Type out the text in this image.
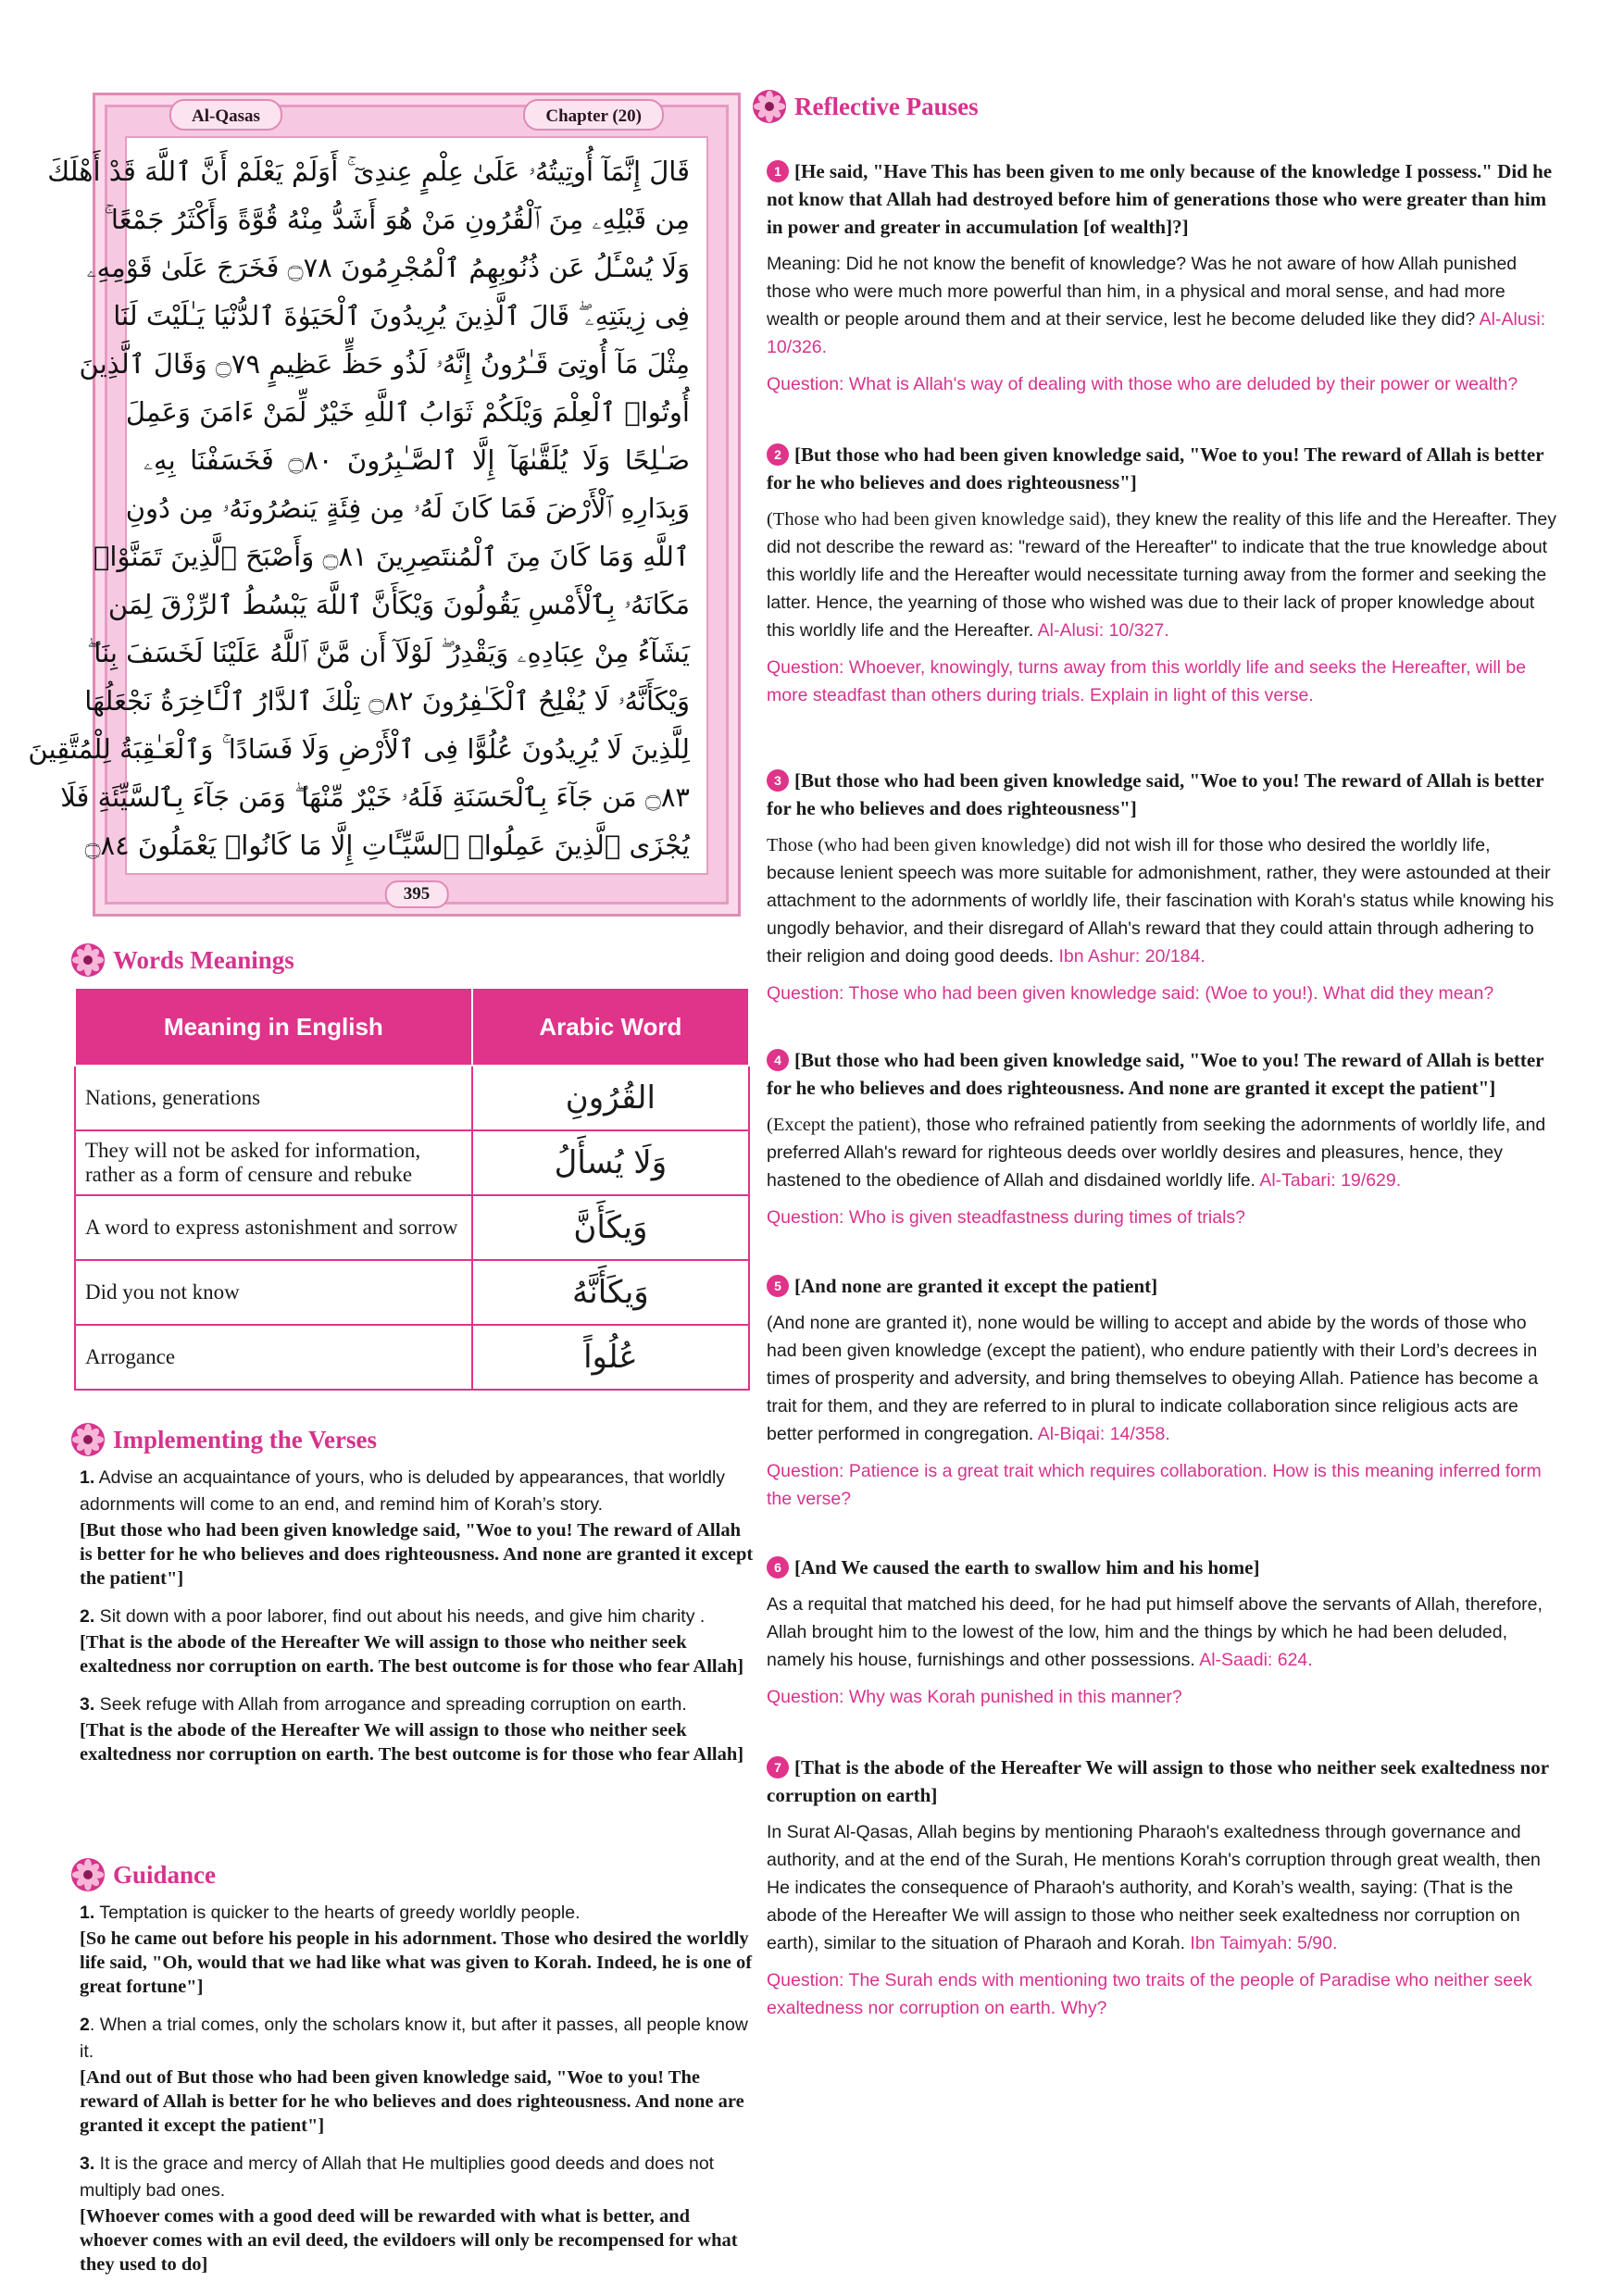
Al-Qasas	Chapter (20)
قَالَ إِنَّمَآ أُوتِيتُهُۥ عَلَىٰ عِلْمٍ عِندِىٓ ۚ أَوَلَمْ يَعْلَمْ أَنَّ ٱللَّهَ قَدْ أَهْلَكَ
مِن قَبْلِهِۦ مِنَ ٱلْقُرُونِ مَنْ هُوَ أَشَدُّ مِنْهُ قُوَّةً وَأَكْثَرُ جَمْعًا ۚ
وَلَا يُسْـَٔلُ عَن ذُنُوبِهِمُ ٱلْمُجْرِمُونَ ۝٧٨ فَخَرَجَ عَلَىٰ قَوْمِهِۦ
فِى زِينَتِهِۦ ۖ قَالَ ٱلَّذِينَ يُرِيدُونَ ٱلْحَيَوٰةَ ٱلدُّنْيَا يَـٰلَيْتَ لَنَا
مِثْلَ مَآ أُوتِىَ قَـٰرُونُ إِنَّهُۥ لَذُو حَظٍّ عَظِيمٍ ۝٧٩ وَقَالَ ٱلَّذِينَ
أُوتُوا۟ ٱلْعِلْمَ وَيْلَكُمْ ثَوَابُ ٱللَّهِ خَيْرٌ لِّمَنْ ءَامَنَ وَعَمِلَ
صَـٰلِحًا وَلَا يُلَقَّىٰهَآ إِلَّا ٱلصَّـٰبِرُونَ ۝٨٠ فَخَسَفْنَا بِهِۦ
وَبِدَارِهِ ٱلْأَرْضَ فَمَا كَانَ لَهُۥ مِن فِئَةٍ يَنصُرُونَهُۥ مِن دُونِ
ٱللَّهِ وَمَا كَانَ مِنَ ٱلْمُنتَصِرِينَ ۝٨١ وَأَصْبَحَ ٱلَّذِينَ تَمَنَّوْا۟
مَكَانَهُۥ بِٱلْأَمْسِ يَقُولُونَ وَيْكَأَنَّ ٱللَّهَ يَبْسُطُ ٱلرِّزْقَ لِمَن
يَشَآءُ مِنْ عِبَادِهِۦ وَيَقْدِرُ ۖ لَوْلَآ أَن مَّنَّ ٱللَّهُ عَلَيْنَا لَخَسَفَ بِنَا ۖ
وَيْكَأَنَّهُۥ لَا يُفْلِحُ ٱلْكَـٰفِرُونَ ۝٨٢ تِلْكَ ٱلدَّارُ ٱلْـَٔاخِرَةُ نَجْعَلُهَا
لِلَّذِينَ لَا يُرِيدُونَ عُلُوًّا فِى ٱلْأَرْضِ وَلَا فَسَادًا ۚ وَٱلْعَـٰقِبَةُ لِلْمُتَّقِينَ
۝٨٣ مَن جَآءَ بِٱلْحَسَنَةِ فَلَهُۥ خَيْرٌ مِّنْهَا ۖ وَمَن جَآءَ بِٱلسَّيِّئَةِ فَلَا
يُجْزَى ٱلَّذِينَ عَمِلُوا۟ ٱلسَّيِّـَٔاتِ إِلَّا مَا كَانُوا۟ يَعْمَلُونَ ۝٨٤
395
Words Meanings
Meaning in English	Arabic Word
Nations, generations	القُرُونِ
They will not be asked for information, rather as a form of censure and rebuke	وَلَا يُسأَلُ
A word to express astonishment and sorrow	وَيكَأَنَّ
Did you not know	وَيكَأَنَّهُ
Arrogance	عُلُواً
Implementing the Verses
1. Advise an acquaintance of yours, who is deluded by appearances, that worldly adornments will come to an end, and remind him of Korah’s story.
[But those who had been given knowledge said, "Woe to you! The reward of Allah is better for he who believes and does righteousness. And none are granted it except the patient"]
2. Sit down with a poor laborer, find out about his needs, and give him charity .
[That is the abode of the Hereafter We will assign to those who neither seek exaltedness nor corruption on earth. The best outcome is for those who fear Allah]
3. Seek refuge with Allah from arrogance and spreading corruption on earth.
[That is the abode of the Hereafter We will assign to those who neither seek exaltedness nor corruption on earth. The best outcome is for those who fear Allah]
Guidance
1. Temptation is quicker to the hearts of greedy worldly people.
[So he came out before his people in his adornment. Those who desired the worldly life said, "Oh, would that we had like what was given to Korah. Indeed, he is one of great fortune"]
2. When a trial comes, only the scholars know it, but after it passes, all people know it.
[And out of But those who had been given knowledge said, "Woe to you! The reward of Allah is better for he who believes and does righteousness. And none are granted it except the patient"]
3. It is the grace and mercy of Allah that He multiplies good deeds and does not multiply bad ones.
[Whoever comes with a good deed will be rewarded with what is better, and whoever comes with an evil deed, the evildoers will only be recompensed for what they used to do]
Reflective Pauses
1 [He said, "Have This has been given to me only because of the knowledge I possess." Did he not know that Allah had destroyed before him of generations those who were greater than him in power and greater in accumulation [of wealth]?]
Meaning: Did he not know the benefit of knowledge? Was he not aware of how Allah punished those who were much more powerful than him, in a physical and moral sense, and had more wealth or people around them and at their service, lest he become deluded like they did? Al-Alusi: 10/326.
Question: What is Allah's way of dealing with those who are deluded by their power or wealth?
2 [But those who had been given knowledge said, "Woe to you! The reward of Allah is better for he who believes and does righteousness"]
(Those who had been given knowledge said), they knew the reality of this life and the Hereafter. They did not describe the reward as: "reward of the Hereafter" to indicate that the true knowledge about this worldly life and the Hereafter would necessitate turning away from the former and seeking the latter. Hence, the yearning of those who wished was due to their lack of proper knowledge about this worldly life and the Hereafter. Al-Alusi: 10/327.
Question: Whoever, knowingly, turns away from this worldly life and seeks the Hereafter, will be more steadfast than others during trials. Explain in light of this verse.
3 [But those who had been given knowledge said, "Woe to you! The reward of Allah is better for he who believes and does righteousness"]
Those (who had been given knowledge) did not wish ill for those who desired the worldly life, because lenient speech was more suitable for admonishment, rather, they were astounded at their attachment to the adornments of worldly life, their fascination with Korah's status while knowing his ungodly behavior, and their disregard of Allah's reward that they could attain through adhering to their religion and doing good deeds. Ibn Ashur: 20/184.
Question: Those who had been given knowledge said: (Woe to you!). What did they mean?
4 [But those who had been given knowledge said, "Woe to you! The reward of Allah is better for he who believes and does righteousness. And none are granted it except the patient"]
(Except the patient), those who refrained patiently from seeking the adornments of worldly life, and preferred Allah's reward for righteous deeds over worldly desires and pleasures, hence, they hastened to the obedience of Allah and disdained worldly life. Al-Tabari: 19/629.
Question: Who is given steadfastness during times of trials?
5 [And none are granted it except the patient]
(And none are granted it), none would be willing to accept and abide by the words of those who had been given knowledge (except the patient), who endure patiently with their Lord’s decrees in times of prosperity and adversity, and bring themselves to obeying Allah. Patience has become a trait for them, and they are referred to in plural to indicate collaboration since religious acts are better performed in congregation. Al-Biqai: 14/358.
Question: Patience is a great trait which requires collaboration. How is this meaning inferred form the verse?
6 [And We caused the earth to swallow him and his home]
As a requital that matched his deed, for he had put himself above the servants of Allah, therefore, Allah brought him to the lowest of the low, him and the things by which he had been deluded, namely his house, furnishings and other possessions. Al-Saadi: 624.
Question: Why was Korah punished in this manner?
7 [That is the abode of the Hereafter We will assign to those who neither seek exaltedness nor corruption on earth]
In Surat Al-Qasas, Allah begins by mentioning Pharaoh's exaltedness through governance and authority, and at the end of the Surah, He mentions Korah's corruption through great wealth, then He indicates the consequence of Pharaoh's authority, and Korah’s wealth, saying: (That is the abode of the Hereafter We will assign to those who neither seek exaltedness nor corruption on earth), similar to the situation of Pharaoh and Korah. Ibn Taimyah: 5/90.
Question: The Surah ends with mentioning two traits of the people of Paradise who neither seek exaltedness nor corruption on earth. Why?
